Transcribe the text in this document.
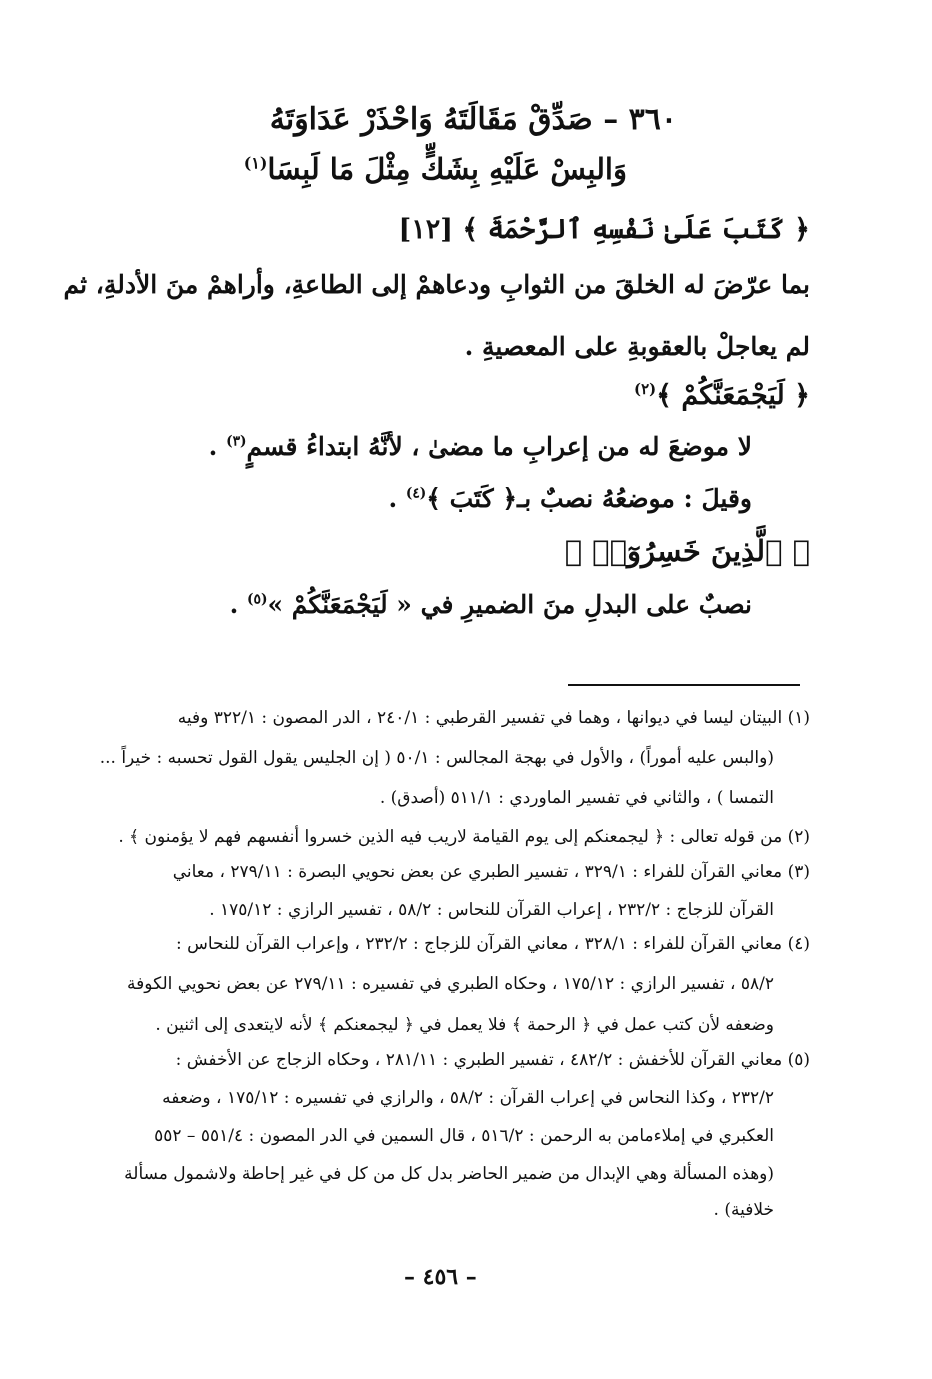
٣٦٠ – صَدِّقْ مَقَالَتَهُ وَاحْذَرْ عَدَاوَتَهُ
وَالبِسْ عَلَيْهِ بِشَكٍّ مِثْلَ مَا لَبِسَا$^{(١)}$
﴿ كَتَبَ عَلَىٰ نَفْسِهِ ٱلرَّحْمَةَ ﴾ [١٢]
بما عرّضَ له الخلقَ من الثوابِ ودعاهمْ إلى الطاعةِ، وأراهمْ منَ الأدلةِ، ثم
لم يعاجلْ بالعقوبةِ على المعصيةِ .
﴿ لَيَجْمَعَنَّكُمْ ﴾$^{(٢)}$
لا موضعَ له من إعرابِ ما مضىٰ ، لأنَّهُ ابتداءُ قسمٍ$^{(٣)}$ .
وقيلَ : موضعُهُ نصبٌ بـ﴿ كَتَبَ ﴾$^{(٤)}$ .
﴿ ٱلَّذِينَ خَسِرُوٓا۟ ﴾
نصبٌ على البدلِ منَ الضميرِ في « لَيَجْمَعَنَّكُمْ »$^{(٥)}$ .
(١) البيتان ليسا في ديوانها ، وهما في تفسير القرطبي : ٢٤٠/١ ، الدر المصون : ٣٢٢/١ وفيه
(والبس عليه أموراً) ، والأول في بهجة المجالس : ٥٠/١ ( إن الجليس يقول القول تحسبه : خيراً ...
التمسا ) ، والثاني في تفسير الماوردي : ٥١١/١ (أصدق) .
(٢) من قوله تعالى : ﴿ ليجمعنكم إلى يوم القيامة لاريب فيه الذين خسروا أنفسهم فهم لا يؤمنون ﴾ .
(٣) معاني القرآن للفراء : ٣٢٩/١ ، تفسير الطبري عن بعض نحويي البصرة : ٢٧٩/١١ ، معاني
القرآن للزجاج : ٢٣٢/٢ ، إعراب القرآن للنحاس : ٥٨/٢ ، تفسير الرازي : ١٧٥/١٢ .
(٤) معاني القرآن للفراء : ٣٢٨/١ ، معاني القرآن للزجاج : ٢٣٢/٢ ، وإعراب القرآن للنحاس :
٥٨/٢ ، تفسير الرازي : ١٧٥/١٢ ، وحكاه الطبري في تفسيره : ٢٧٩/١١ عن بعض نحويي الكوفة
وضعفه لأن كتب عمل في ﴿ الرحمة ﴾ فلا يعمل في ﴿ ليجمعنكم ﴾ لأنه لايتعدى إلى اثنين .
(٥) معاني القرآن للأخفش : ٤٨٢/٢ ، تفسير الطبري : ٢٨١/١١ ، وحكاه الزجاج عن الأخفش :
٢٣٢/٢ ، وكذا النحاس في إعراب القرآن : ٥٨/٢ ، والرازي في تفسيره : ١٧٥/١٢ ، وضعفه
العكبري في إملاءمامن به الرحمن : ٥١٦/٢ ، قال السمين في الدر المصون : ٥٥١/٤ – ٥٥٢
(وهذه المسألة وهي الإبدال من ضمير الحاضر بدل كل من كل في غير إحاطة ولاشمول مسألة
خلافية) .
– ٤٥٦ –
